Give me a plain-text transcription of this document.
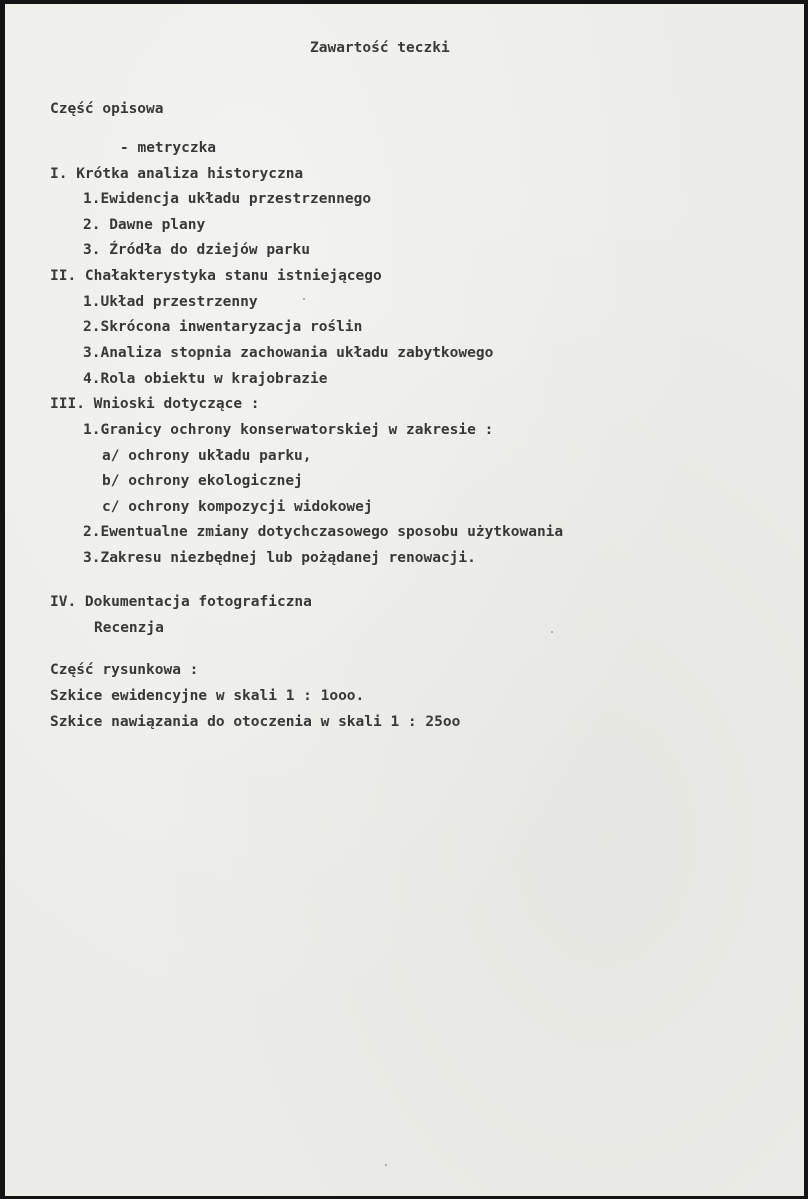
Zawartość teczki
Część opisowa
- metryczka
I. Krótka analiza historyczna
1.Ewidencja układu przestrzennego
2. Dawne plany
3. Źródła do dziejów parku
II. Chałakterystyka stanu istniejącego
1.Układ przestrzenny
2.Skrócona inwentaryzacja roślin
3.Analiza stopnia zachowania układu zabytkowego
4.Rola obiektu w krajobrazie
III. Wnioski dotyczące :
1.Granicy ochrony konserwatorskiej w zakresie :
a/ ochrony układu parku,
b/ ochrony ekologicznej
c/ ochrony kompozycji widokowej
2.Ewentualne zmiany dotychczasowego sposobu użytkowania
3.Zakresu niezbędnej lub pożądanej renowacji.
IV. Dokumentacja fotograficzna
Recenzja
Część rysunkowa :
Szkice ewidencyjne w skali 1 : 1ooo.
Szkice nawiązania do otoczenia w skali 1 : 25oo
